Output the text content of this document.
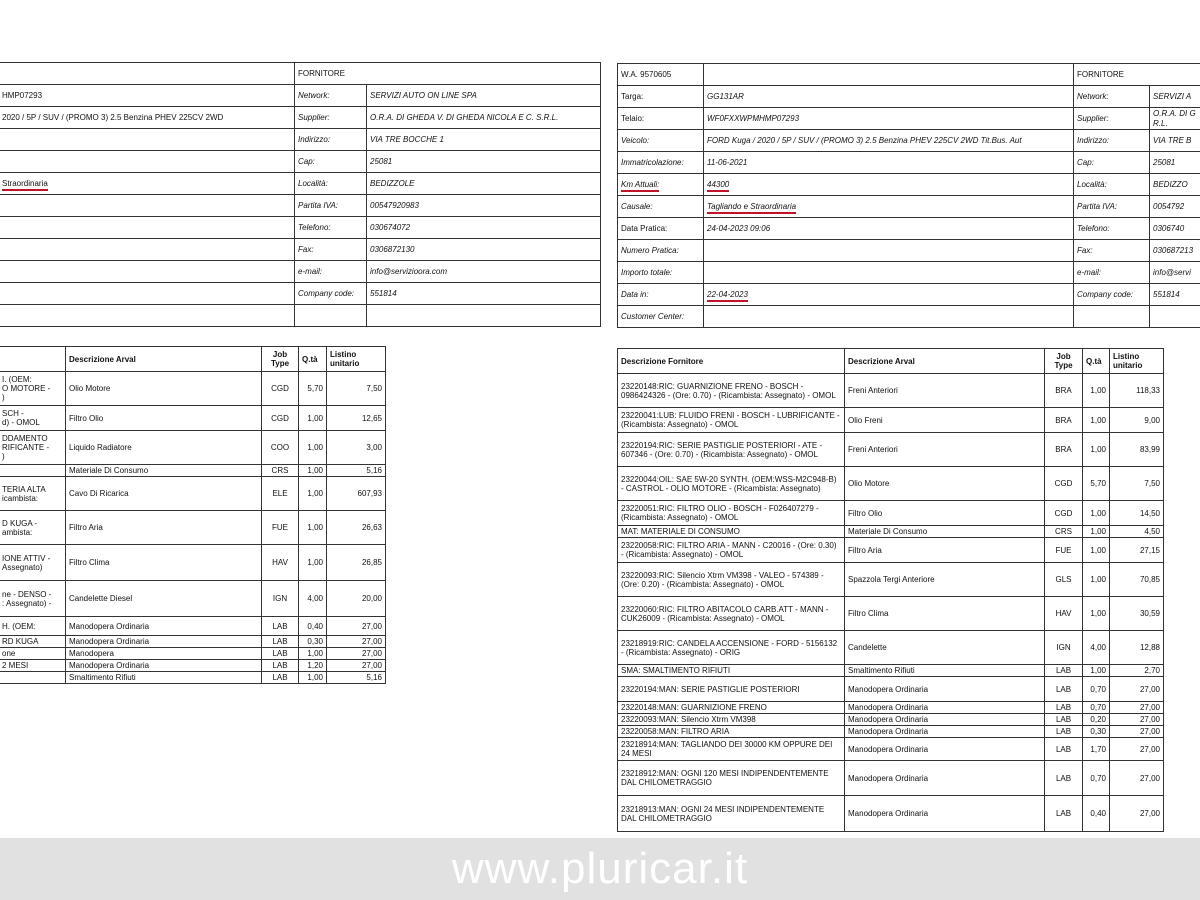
	FORNITORE	
HMP07293	Network:	SERVIZI AUTO ON LINE SPA
2020 / 5P / SUV / (PROMO 3) 2.5 Benzina PHEV 225CV 2WD	Supplier:	O.R.A. DI GHEDA V. DI GHEDA NICOLA E C. S.R.L.
	Indirizzo:	VIA TRE BOCCHE 1
	Cap:	25081
Straordinaria	Località:	BEDIZZOLE
	Partita IVA:	00547920983
	Telefono:	030674072
	Fax:	0306872130
	e-mail:	info@servizioora.com
	Company code:	551814

	Descrizione Arval	Job Type	Q.tà	Listino unitario
I. (OEM:
O MOTORE -
)	Olio Motore	CGD	5,70	7,50
SCH -
d) - OMOL	Filtro Olio	CGD	1,00	12,65
DDAMENTO
RIFICANTE -
)	Liquido Radiatore	COO	1,00	3,00
	Materiale Di Consumo	CRS	1,00	5,16
TERIA ALTA
icambista:	Cavo Di Ricarica	ELE	1,00	607,93
D KUGA -
ambista:	Filtro Aria	FUE	1,00	26,63
IONE ATTIV -
Assegnato)	Filtro Clima	HAV	1,00	26,85
ne - DENSO -
: Assegnato) -	Candelette Diesel	IGN	4,00	20,00
H. (OEM:	Manodopera Ordinaria	LAB	0,40	27,00
RD KUGA	Manodopera Ordinaria	LAB	0,30	27,00
one	Manodopera	LAB	1,00	27,00
2 MESI	Manodopera Ordinaria	LAB	1,20	27,00
	Smaltimento Rifiuti	LAB	1,00	5,16
W.A. 9570605		FORNITORE	
Targa:	GG131AR	Network:	SERVIZI A
Telaio:	WF0FXXWPMHMP07293	Supplier:	O.R.A. DI G
R.L.
Veicolo:	FORD Kuga / 2020 / 5P / SUV / (PROMO 3) 2.5 Benzina PHEV 225CV 2WD Tit.Bus. Aut	Indirizzo:	VIA TRE B
Immatricolazione:	11-06-2021	Cap:	25081
Km Attuali:	44300	Località:	BEDIZZO
Causale:	Tagliando e Straordinaria	Partita IVA:	0054792
Data Pratica:	24-04-2023 09:06	Telefono:	0306740
Numero Pratica:		Fax:	030687213
Importo totale:		e-mail:	info@servi
Data in:	22-04-2023	Company code:	551814
Customer Center:			
Descrizione Fornitore	Descrizione Arval	Job Type	Q.tà	Listino unitario
23220148:RIC: GUARNIZIONE FRENO - BOSCH - 0986424326 - (Ore: 0.70) - (Ricambista: Assegnato) - OMOL	Freni Anteriori	BRA	1,00	118,33
23220041:LUB: FLUIDO FRENI - BOSCH - LUBRIFICANTE - (Ricambista: Assegnato) - OMOL	Olio Freni	BRA	1,00	9,00
23220194:RIC: SERIE PASTIGLIE POSTERIORI - ATE - 607346 - (Ore: 0.70) - (Ricambista: Assegnato) - OMOL	Freni Anteriori	BRA	1,00	83,99
23220044:OIL: SAE 5W-20 SYNTH. (OEM:WSS-M2C948-B) - CASTROL - OLIO MOTORE - (Ricambista: Assegnato)	Olio Motore	CGD	5,70	7,50
23220051:RIC: FILTRO OLIO - BOSCH - F026407279 - (Ricambista: Assegnato) - OMOL	Filtro Olio	CGD	1,00	14,50
MAT: MATERIALE DI CONSUMO	Materiale Di Consumo	CRS	1,00	4,50
23220058:RIC: FILTRO ARIA - MANN - C20016 - (Ore: 0.30) - (Ricambista: Assegnato) - OMOL	Filtro Aria	FUE	1,00	27,15
23220093:RIC: Silencio Xtrm VM398 - VALEO - 574389 - (Ore: 0.20) - (Ricambista: Assegnato) - OMOL	Spazzola Tergi Anteriore	GLS	1,00	70,85
23220060:RIC: FILTRO ABITACOLO CARB.ATT - MANN - CUK26009 - (Ricambista: Assegnato) - OMOL	Filtro Clima	HAV	1,00	30,59
23218919:RIC: CANDELA ACCENSIONE - FORD - 5156132 - (Ricambista: Assegnato) - ORIG	Candelette	IGN	4,00	12,88
SMA: SMALTIMENTO RIFIUTI	Smaltimento Rifiuti	LAB	1,00	2,70
23220194:MAN: SERIE PASTIGLIE POSTERIORI	Manodopera Ordinaria	LAB	0,70	27,00
23220148:MAN: GUARNIZIONE FRENO	Manodopera Ordinaria	LAB	0,70	27,00
23220093:MAN: Silencio Xtrm VM398	Manodopera Ordinaria	LAB	0,20	27,00
23220058:MAN: FILTRO ARIA	Manodopera Ordinaria	LAB	0,30	27,00
23218914:MAN: TAGLIANDO DEI 30000 KM OPPURE DEI 24 MESI	Manodopera Ordinaria	LAB	1,70	27,00
23218912:MAN: OGNI 120 MESI INDIPENDENTEMENTE DAL CHILOMETRAGGIO	Manodopera Ordinaria	LAB	0,70	27,00
23218913:MAN: OGNI 24 MESI INDIPENDENTEMENTE DAL CHILOMETRAGGIO	Manodopera Ordinaria	LAB	0,40	27,00
www.pluricar.it
